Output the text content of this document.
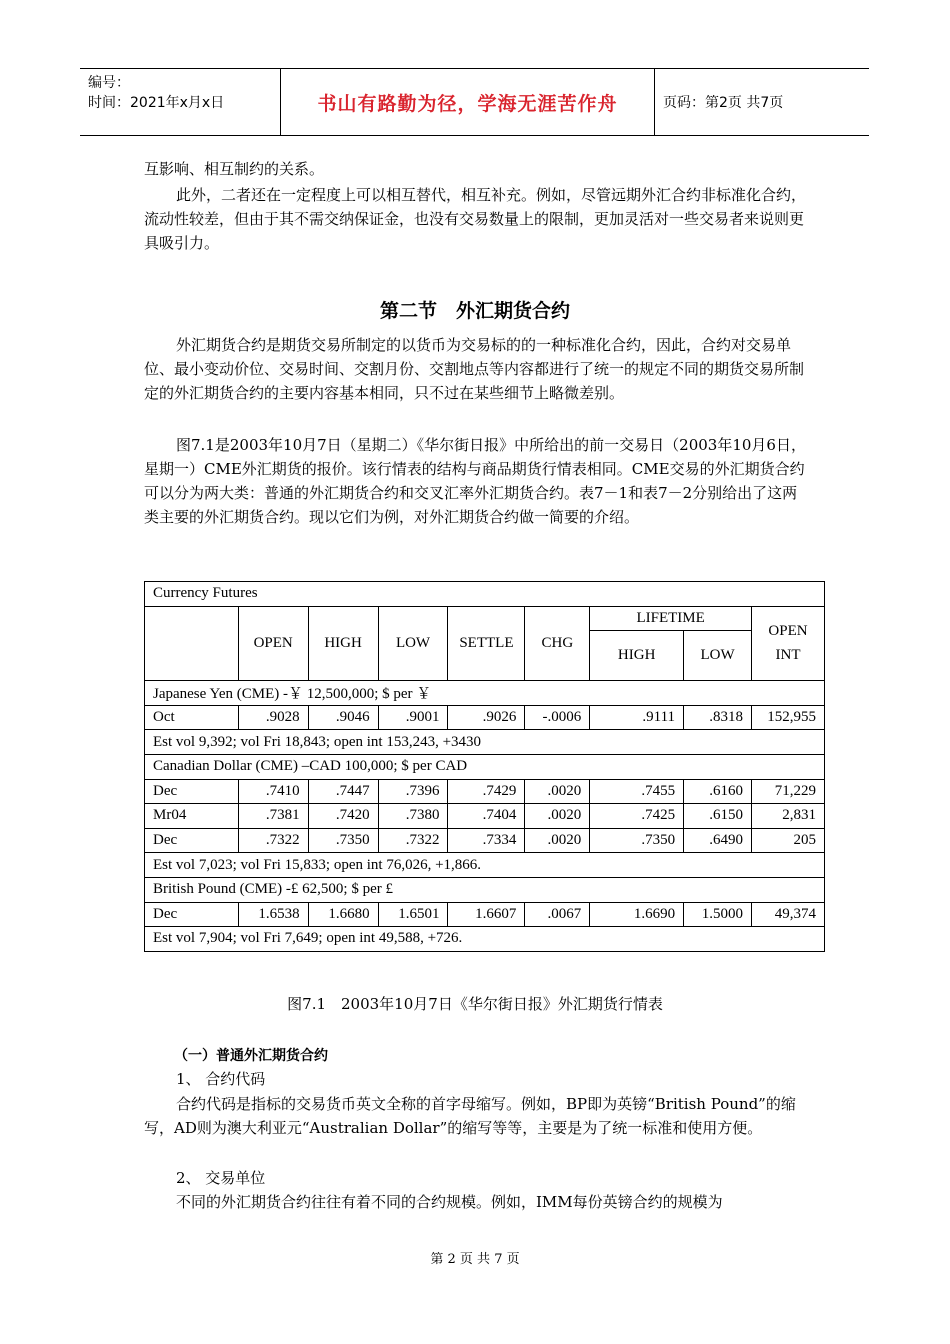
编号：
时间：2021年x月x日	书山有路勤为径，学海无涯苦作舟	页码：第2页 共7页
互影响、相互制约的关系。
此外，二者还在一定程度上可以相互替代，相互补充。例如，尽管远期外汇合约非标准化合约，流动性较差，但由于其不需交纳保证金，也没有交易数量上的限制，更加灵活对一些交易者来说则更具吸引力。
第二节　外汇期货合约
外汇期货合约是期货交易所制定的以货币为交易标的的一种标准化合约，因此，合约对交易单位、最小变动价位、交易时间、交割月份、交割地点等内容都进行了统一的规定不同的期货交易所制定的外汇期货合约的主要内容基本相同，只不过在某些细节上略微差别。
图7.1是2003年10月7日（星期二）《华尔街日报》中所给出的前一交易日（2003年10月6日，星期一）CME外汇期货的报价。该行情表的结构与商品期货行情表相同。CME交易的外汇期货合约可以分为两大类：普通的外汇期货合约和交叉汇率外汇期货合约。表7－1和表7－2分别给出了这两类主要的外汇期货合约。现以它们为例，对外汇期货合约做一简要的介绍。
Currency Futures								
	OPEN	HIGH	LOW	SETTLE	CHG	LIFETIME		OPEN INT
						HIGH	LOW	
Japanese Yen (CME) -￥ 12,500,000; $ per ￥								
Oct	.9028	.9046	.9001	.9026	-.0006	.9111	.8318	152,955
Est vol 9,392; vol Fri 18,843; open int 153,243, +3430								
Canadian Dollar (CME) –CAD 100,000; $ per CAD								
Dec	.7410	.7447	.7396	.7429	.0020	.7455	.6160	71,229
Mr04	.7381	.7420	.7380	.7404	.0020	.7425	.6150	2,831
Dec	.7322	.7350	.7322	.7334	.0020	.7350	.6490	205
Est vol 7,023; vol Fri 15,833; open int 76,026, +1,866.								
British Pound (CME) -£ 62,500; $ per £								
Dec	1.6538	1.6680	1.6501	1.6607	.0067	1.6690	1.5000	49,374
Est vol 7,904; vol Fri 7,649; open int 49,588, +726.								
图7.1　2003年10月7日《华尔街日报》外汇期货行情表
（一）普通外汇期货合约
1、 合约代码
合约代码是指标的交易货币英文全称的首字母缩写。例如，BP即为英镑“British Pound”的缩写，AD则为澳大利亚元“Australian Dollar”的缩写等等，主要是为了统一标准和使用方便。
2、 交易单位
不同的外汇期货合约往往有着不同的合约规模。例如，IMM每份英镑合约的规模为
第 2 页 共 7 页
